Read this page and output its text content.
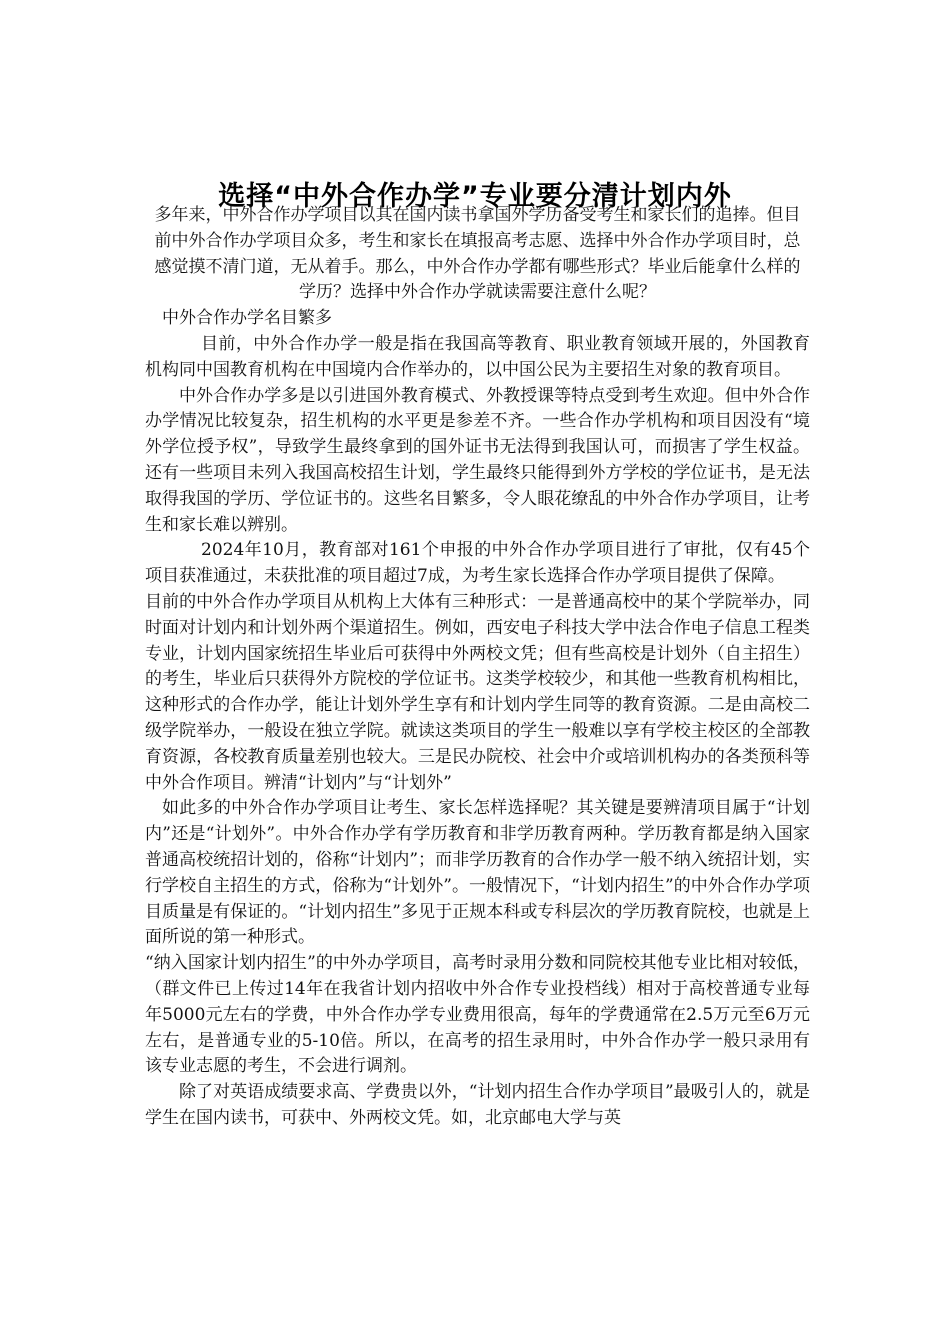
选择“中外合作办学”专业要分清计划内外

多年来，中外合作办学项目以其在国内读书拿国外学历备受考生和家长们的追捧。但目前中外合作办学项目众多，考生和家长在填报高考志愿、选择中外合作办学项目时，总感觉摸不清门道，无从着手。那么，中外合作办学都有哪些形式？毕业后能拿什么样的学历？选择中外合作办学就读需要注意什么呢？

中外合作办学名目繁多

目前，中外合作办学一般是指在我国高等教育、职业教育领域开展的，外国教育机构同中国教育机构在中国境内合作举办的，以中国公民为主要招生对象的教育项目。

中外合作办学多是以引进国外教育模式、外教授课等特点受到考生欢迎。但中外合作办学情况比较复杂，招生机构的水平更是参差不齐。一些合作办学机构和项目因没有“境外学位授予权”，导致学生最终拿到的国外证书无法得到我国认可，而损害了学生权益。还有一些项目未列入我国高校招生计划，学生最终只能得到外方学校的学位证书，是无法取得我国的学历、学位证书的。这些名目繁多，令人眼花缭乱的中外合作办学项目，让考生和家长难以辨别。

2024年10月，教育部对161个申报的中外合作办学项目进行了审批，仅有45个项目获准通过，未获批准的项目超过7成，为考生家长选择合作办学项目提供了保障。

目前的中外合作办学项目从机构上大体有三种形式：一是普通高校中的某个学院举办，同时面对计划内和计划外两个渠道招生。例如，西安电子科技大学中法合作电子信息工程类专业，计划内国家统招生毕业后可获得中外两校文凭；但有些高校是计划外（自主招生）的考生，毕业后只获得外方院校的学位证书。这类学校较少，和其他一些教育机构相比，这种形式的合作办学，能让计划外学生享有和计划内学生同等的教育资源。二是由高校二级学院举办，一般设在独立学院。就读这类项目的学生一般难以享有学校主校区的全部教育资源，各校教育质量差别也较大。三是民办院校、社会中介或培训机构办的各类预科等中外合作项目。辨清“计划内”与“计划外”

如此多的中外合作办学项目让考生、家长怎样选择呢？其关键是要辨清项目属于“计划内”还是“计划外”。中外合作办学有学历教育和非学历教育两种。学历教育都是纳入国家普通高校统招计划的，俗称“计划内”；而非学历教育的合作办学一般不纳入统招计划，实行学校自主招生的方式，俗称为“计划外”。一般情况下，“计划内招生”的中外合作办学项目质量是有保证的。“计划内招生”多见于正规本科或专科层次的学历教育院校，也就是上面所说的第一种形式。

“纳入国家计划内招生”的中外办学项目，高考时录用分数和同院校其他专业比相对较低，（群文件已上传过14年在我省计划内招收中外合作专业投档线）相对于高校普通专业每年5000元左右的学费，中外合作办学专业费用很高，每年的学费通常在2.5万元至6万元左右，是普通专业的5-10倍。所以，在高考的招生录用时，中外合作办学一般只录用有该专业志愿的考生，不会进行调剂。

除了对英语成绩要求高、学费贵以外，“计划内招生合作办学项目”最吸引人的，就是学生在国内读书，可获中、外两校文凭。如，北京邮电大学与英
